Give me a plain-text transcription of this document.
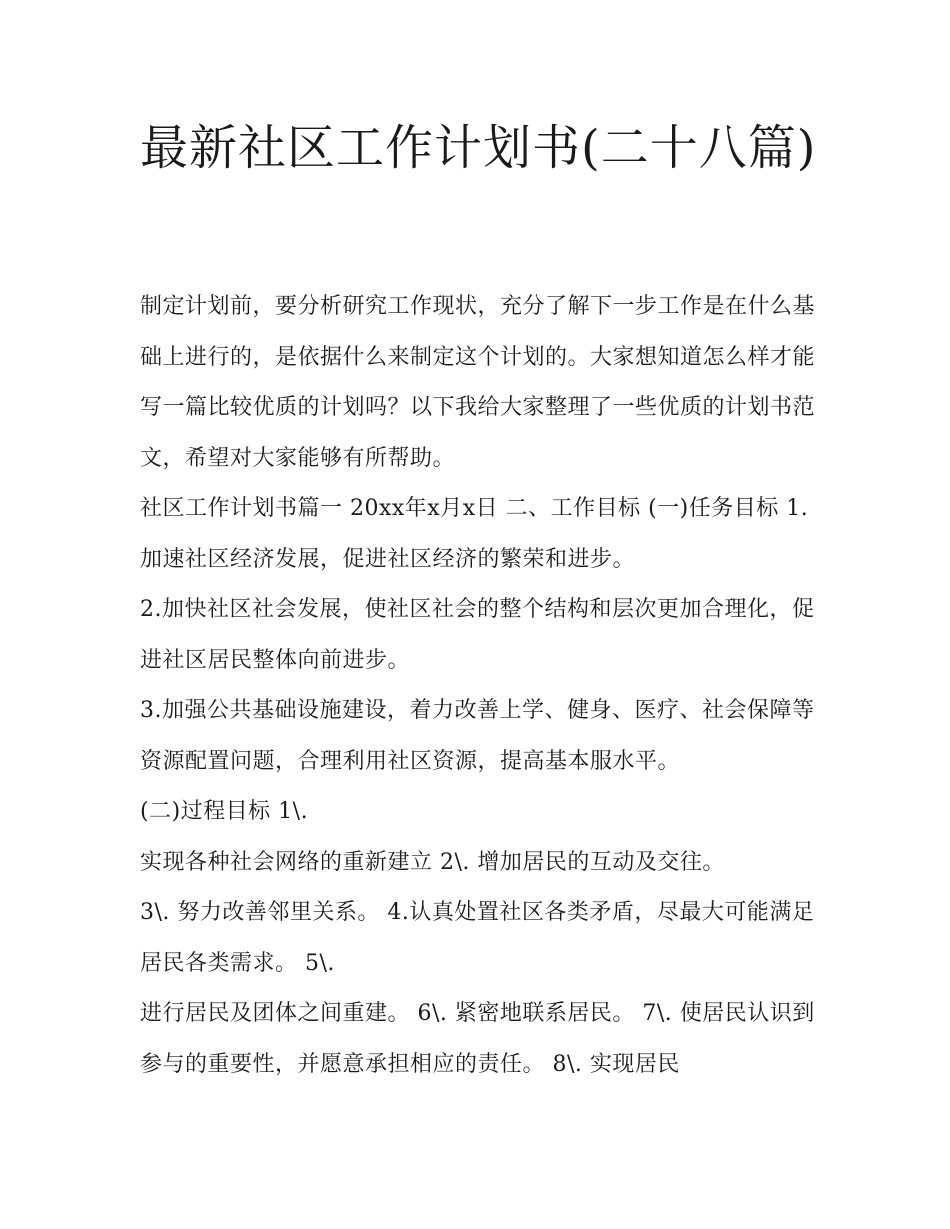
最新社区工作计划书(二十八篇)

制定计划前，要分析研究工作现状，充分了解下一步工作是在什么基础上进行的，是依据什么来制定这个计划的。大家想知道怎么样才能写一篇比较优质的计划吗？以下我给大家整理了一些优质的计划书范文，希望对大家能够有所帮助。

社区工作计划书篇一 20xx年x月x日 二、工作目标 (一)任务目标 1.加速社区经济发展，促进社区经济的繁荣和进步。

2.加快社区社会发展，使社区社会的整个结构和层次更加合理化，促进社区居民整体向前进步。

3.加强公共基础设施建设，着力改善上学、健身、医疗、社会保障等资源配置问题，合理利用社区资源，提高基本服水平。

(二)过程目标 1\.

实现各种社会网络的重新建立 2\. 增加居民的互动及交往。

3\. 努力改善邻里关系。 4.认真处置社区各类矛盾，尽最大可能满足居民各类需求。 5\.

进行居民及团体之间重建。 6\. 紧密地联系居民。 7\. 使居民认识到参与的重要性，并愿意承担相应的责任。 8\. 实现居民
